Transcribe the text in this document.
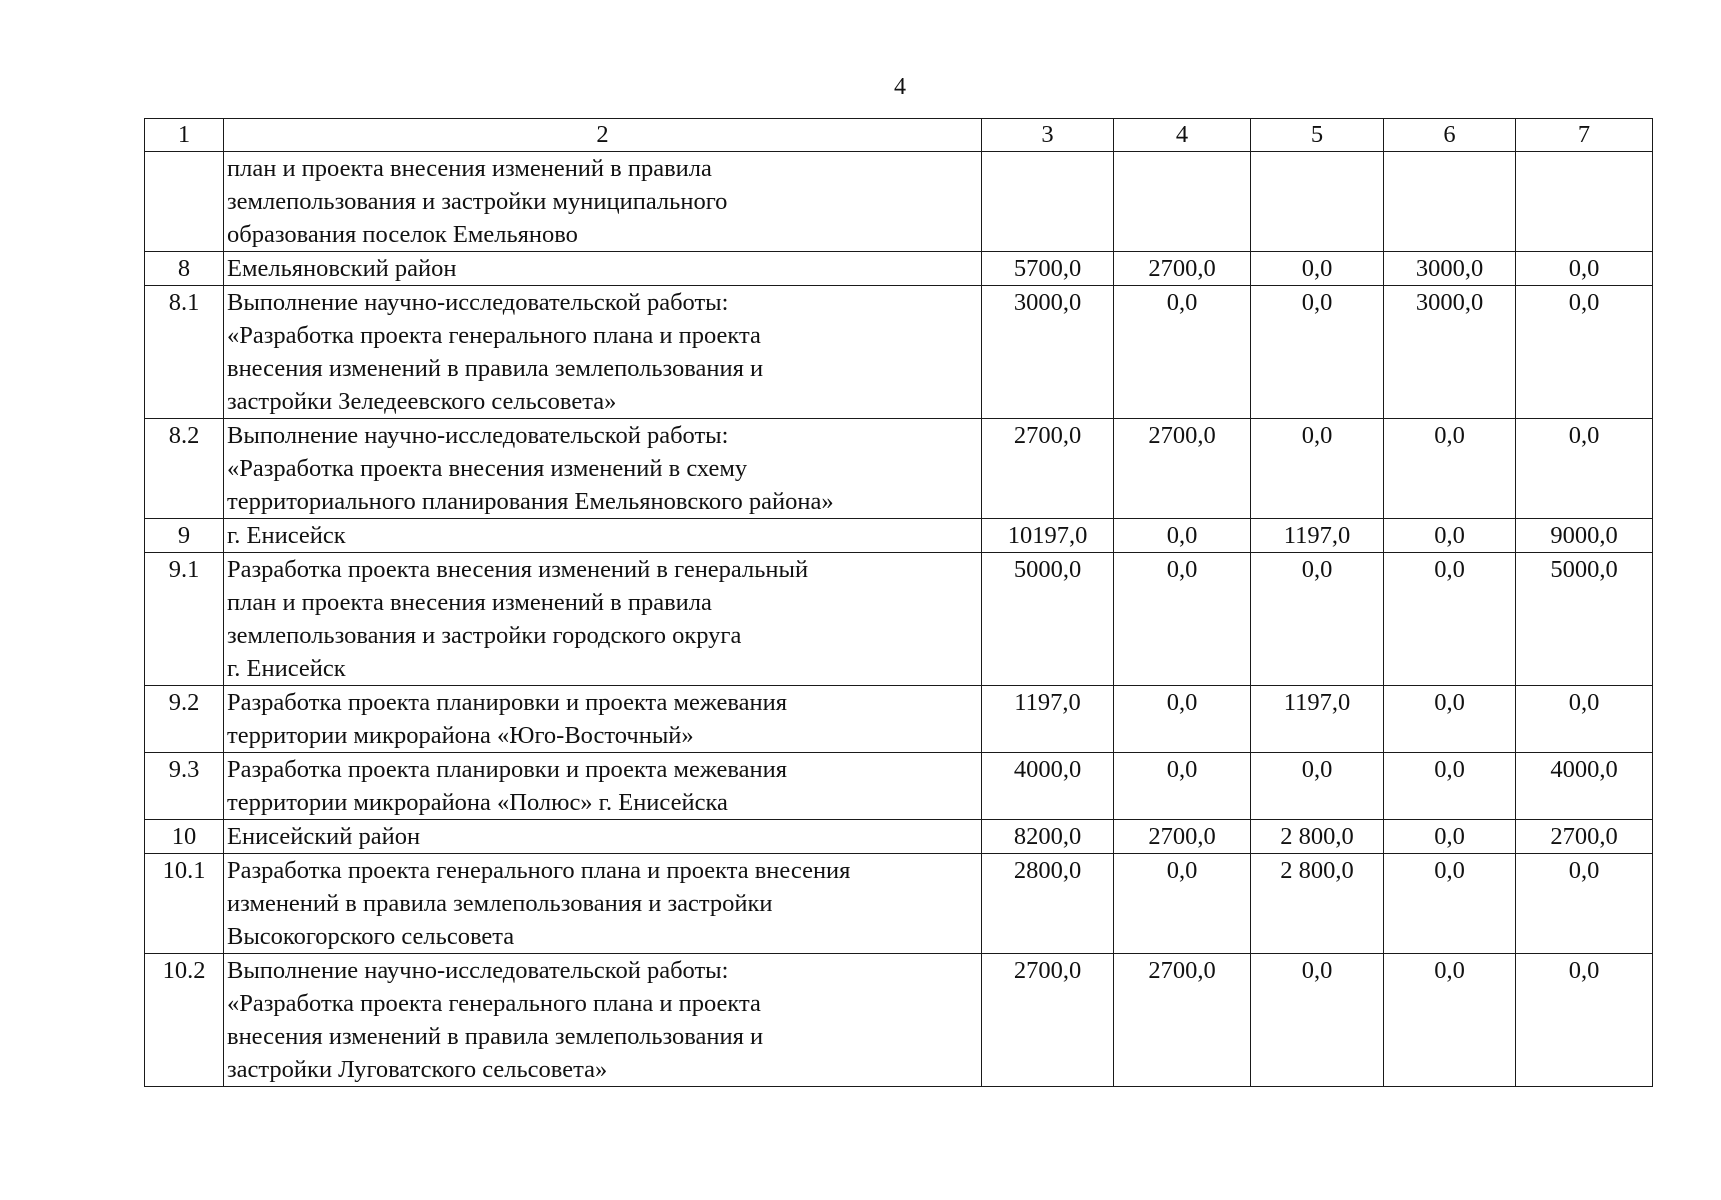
4
1	2	3	4	5	6	7
	план и проекта внесения изменений в правила
землепользования и застройки муниципального
образования поселок Емельяново					
8	Емельяновский район	5700,0	2700,0	0,0	3000,0	0,0
8.1	Выполнение научно-исследовательской работы:
«Разработка проекта генерального плана и проекта
внесения изменений в правила землепользования и
застройки Зеледеевского сельсовета»	3000,0	0,0	0,0	3000,0	0,0
8.2	Выполнение научно-исследовательской работы:
«Разработка проекта внесения изменений в схему
территориального планирования Емельяновского района»	2700,0	2700,0	0,0	0,0	0,0
9	г. Енисейск	10197,0	0,0	1197,0	0,0	9000,0
9.1	Разработка проекта внесения изменений в генеральный
план и проекта внесения изменений в правила
землепользования и застройки городского округа
г. Енисейск	5000,0	0,0	0,0	0,0	5000,0
9.2	Разработка проекта планировки и проекта межевания
территории микрорайона «Юго-Восточный»	1197,0	0,0	1197,0	0,0	0,0
9.3	Разработка проекта планировки и проекта межевания
территории микрорайона «Полюс» г. Енисейска	4000,0	0,0	0,0	0,0	4000,0
10	Енисейский район	8200,0	2700,0	2 800,0	0,0	2700,0
10.1	Разработка проекта генерального плана и проекта внесения
изменений в правила землепользования и застройки
Высокогорского сельсовета	2800,0	0,0	2 800,0	0,0	0,0
10.2	Выполнение научно-исследовательской работы:
«Разработка проекта генерального плана и проекта
внесения изменений в правила землепользования и
застройки Луговатского сельсовета»	2700,0	2700,0	0,0	0,0	0,0
